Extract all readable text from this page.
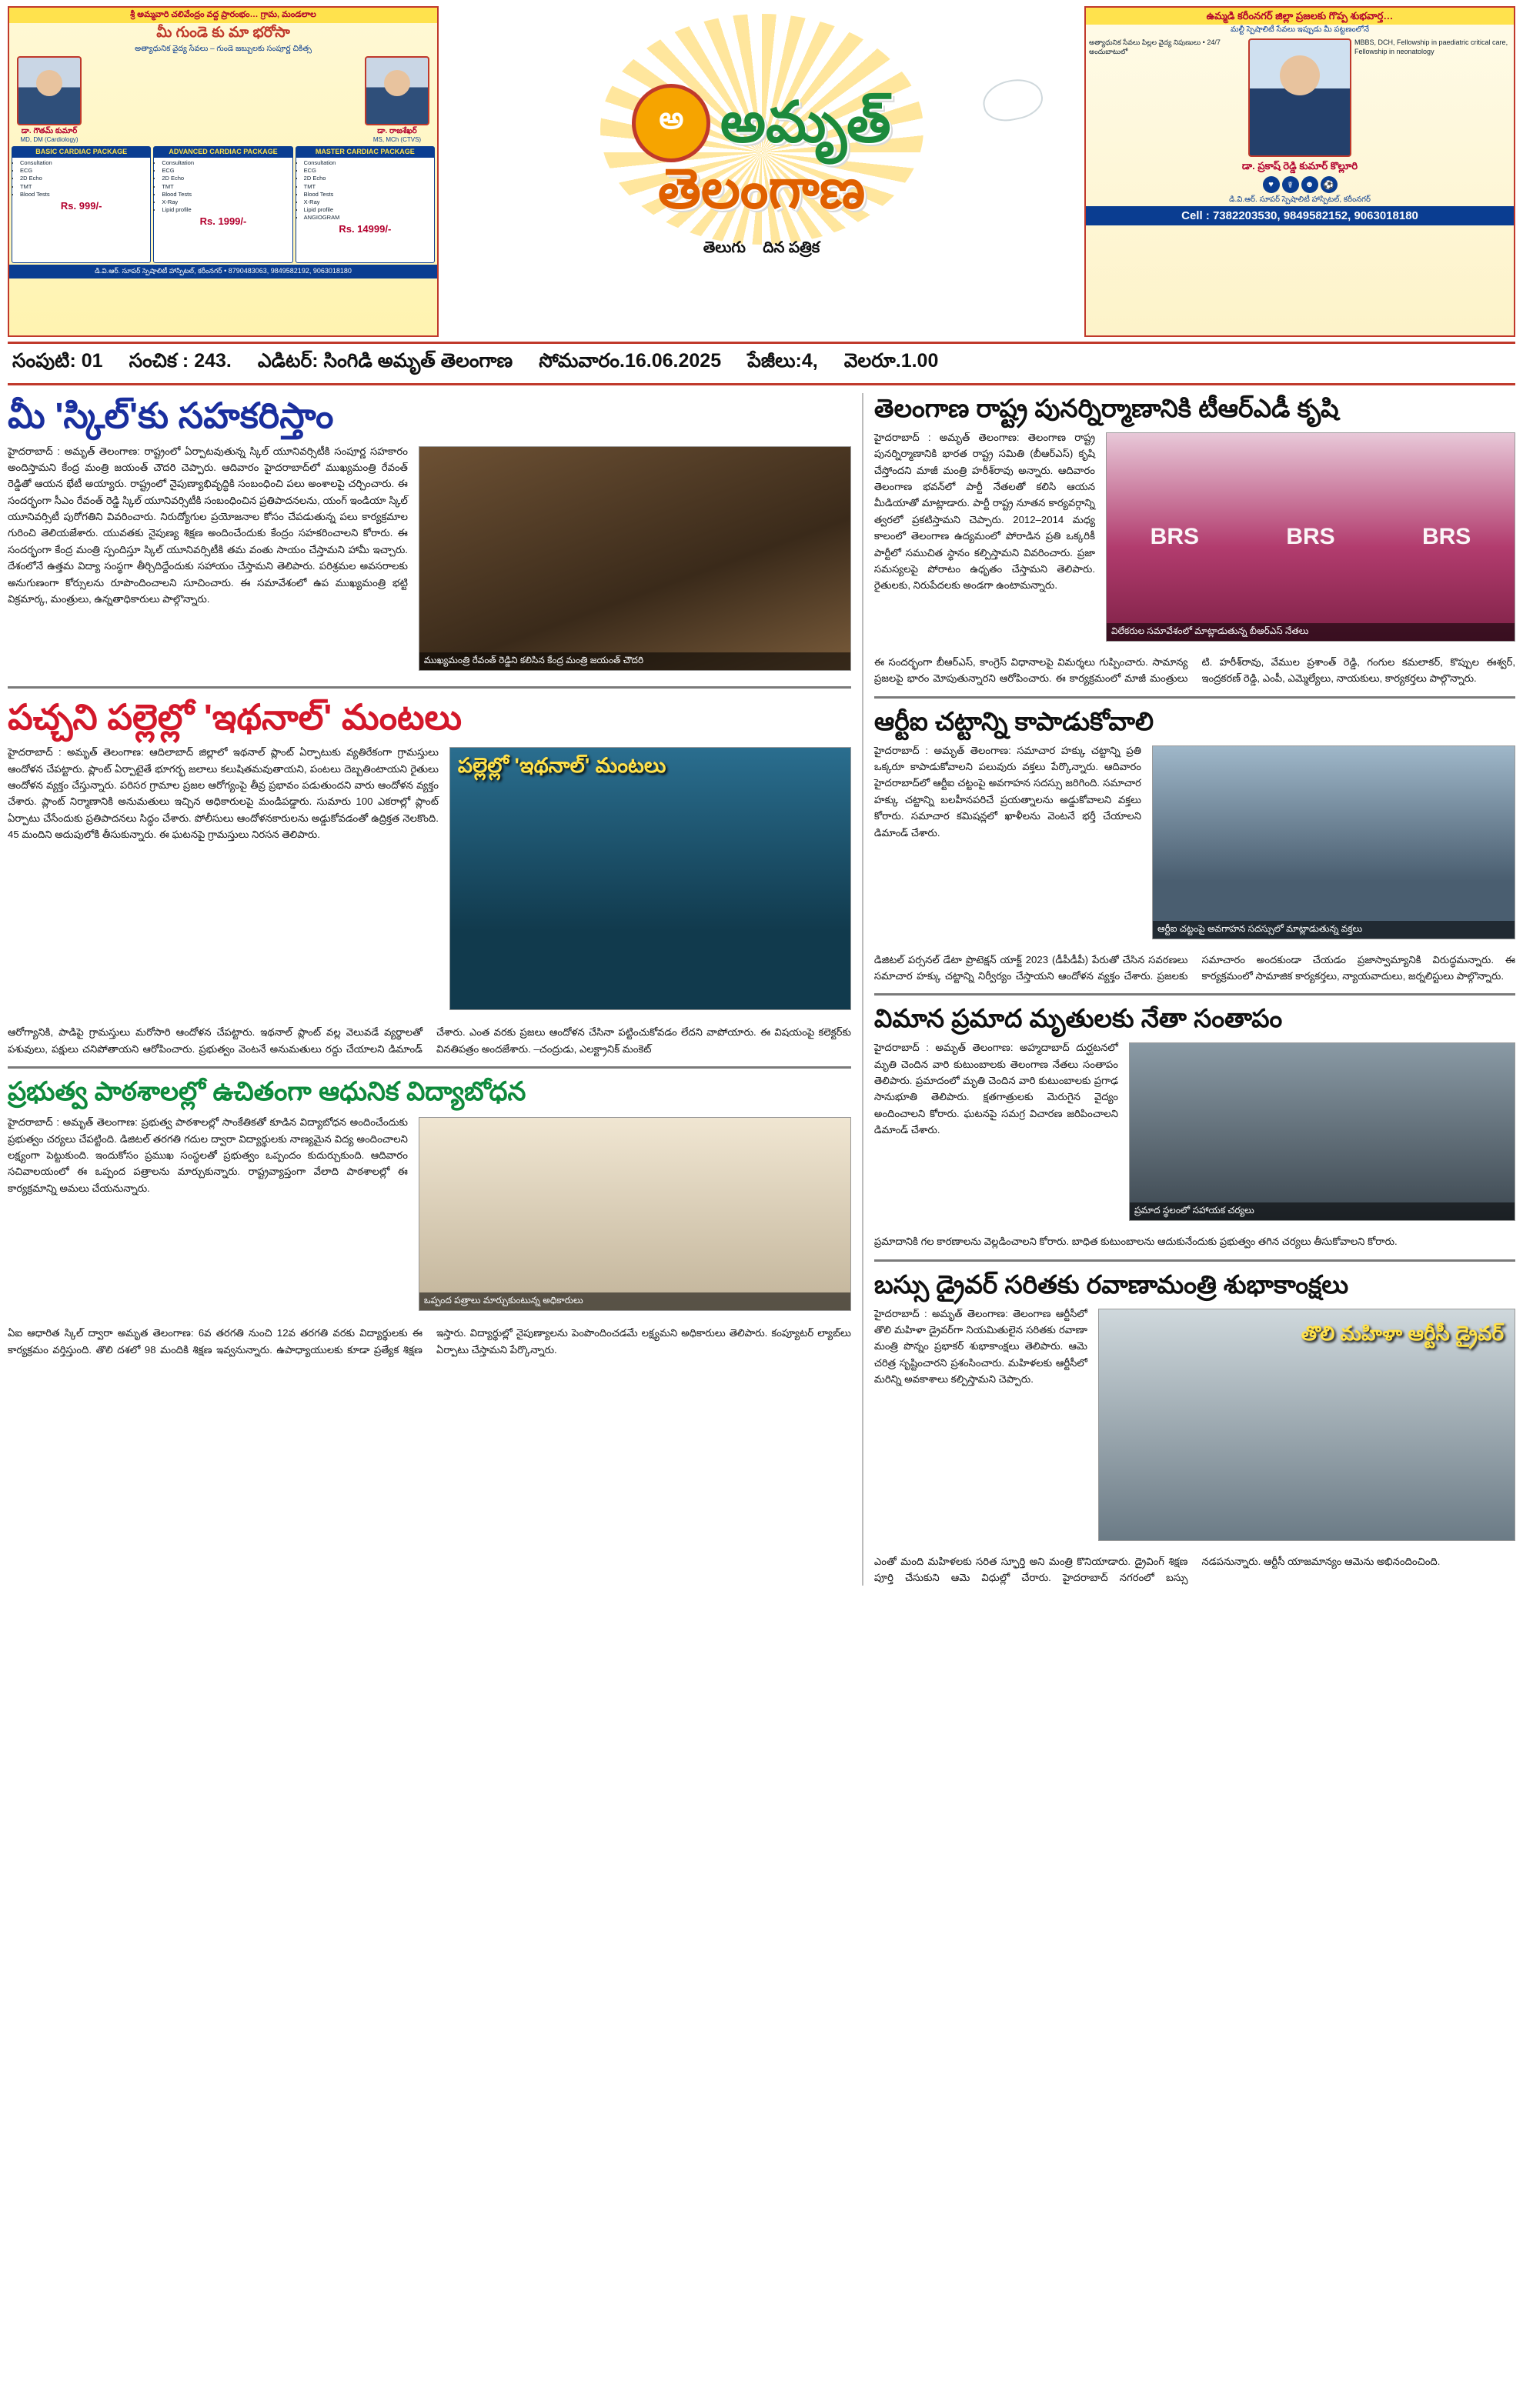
శ్రీ అమ్మవారి చలివేంద్రం వద్ద ప్రారంభం… గ్రామ, మండలాల
మీ గుండె కు మా భరోసా
అత్యాధునిక వైద్య సేవలు – గుండె జబ్బులకు సంపూర్ణ చికిత్స
డా. గౌతమ్ కుమార్
MD, DM (Cardiology)
డా. రాజశేఖర్
MS, MCh (CTVS)
BASIC CARDIAC PACKAGE
• Consultation
• ECG
• 2D Echo
• TMT
• Blood Tests
Rs. 999/-
ADVANCED CARDIAC PACKAGE
• Consultation
• ECG
• 2D Echo
• TMT
• Blood Tests
• X-Ray
• Lipid profile
Rs. 1999/-
MASTER CARDIAC PACKAGE
• Consultation
• ECG
• 2D Echo
• TMT
• Blood Tests
• X-Ray
• Lipid profile
• ANGIOGRAM
Rs. 14999/-
డి.వి.ఆర్. సూపర్ స్పెషాలిటీ హాస్పిటల్, కరీంనగర్ • 8790483063, 9849582192, 9063018180
అ అమృత్
తెలంగాణ
తెలుగు దిన పత్రిక
ఉమ్మడి కరీంనగర్ జిల్లా ప్రజలకు గొప్ప శుభవార్త…
మల్టీ స్పెషాలిటీ సేవలు ఇప్పుడు మీ పట్టణంలోనే
అత్యాధునిక సేవలు పిల్లల వైద్య నిపుణులు • 24/7 అందుబాటులో
MBBS, DCH, Fellowship in paediatric critical care, Fellowship in neonatology
డా. ప్రకాష్ రెడ్డి కుమార్ కొల్లూరి
♥	☤	☻	⚽
డి.వి.ఆర్. సూపర్ స్పెషాలిటీ హాస్పిటల్, కరీంనగర్
Cell : 7382203530, 9849582152, 9063018180
సంపుటి: 01 సంచిక : 243. ఎడిటర్: సింగిడి అమృత్ తెలంగాణ సోమవారం.16.06.2025 పేజీలు:4, వెలరూ.1.00
మీ 'స్కిల్'కు సహకరిస్తాం
ముఖ్యమంత్రి రేవంత్ రెడ్డిని కలిసిన కేంద్ర మంత్రి జయంత్ చౌదరి
హైదరాబాద్ : అమృత్ తెలంగాణ: రాష్ట్రంలో ఏర్పాటవుతున్న స్కిల్ యూనివర్సిటీకి సంపూర్ణ సహకారం అందిస్తామని కేంద్ర మంత్రి జయంత్ చౌదరి చెప్పారు. ఆదివారం హైదరాబాద్‌లో ముఖ్యమంత్రి రేవంత్ రెడ్డితో ఆయన భేటీ అయ్యారు. రాష్ట్రంలో నైపుణ్యాభివృద్ధికి సంబంధించి పలు అంశాలపై చర్చించారు. ఈ సందర్భంగా సీఎం రేవంత్ రెడ్డి స్కిల్ యూనివర్సిటీకి సంబంధించిన ప్రతిపాదనలను, యంగ్ ఇండియా స్కిల్ యూనివర్సిటీ పురోగతిని వివరించారు. నిరుద్యోగుల ప్రయోజనాల కోసం చేపడుతున్న పలు కార్యక్రమాల గురించి తెలియజేశారు. యువతకు నైపుణ్య శిక్షణ అందించేందుకు కేంద్రం సహకరించాలని కోరారు. ఈ సందర్భంగా కేంద్ర మంత్రి స్పందిస్తూ స్కిల్ యూనివర్సిటీకి తమ వంతు సాయం చేస్తామని హామీ ఇచ్చారు. దేశంలోనే ఉత్తమ విద్యా సంస్థగా తీర్చిదిద్దేందుకు సహాయం చేస్తామని తెలిపారు. పరిశ్రమల అవసరాలకు అనుగుణంగా కోర్సులను రూపొందించాలని సూచించారు. ఈ సమావేశంలో ఉప ముఖ్యమంత్రి భట్టి విక్రమార్క, మంత్రులు, ఉన్నతాధికారులు పాల్గొన్నారు.
పచ్చని పల్లెల్లో 'ఇథనాల్' మంటలు
పల్లెల్లో 'ఇథనాల్' మంటలు
హైదరాబాద్ : అమృత్ తెలంగాణ: ఆదిలాబాద్ జిల్లాలో ఇథనాల్ ప్లాంట్ ఏర్పాటుకు వ్యతిరేకంగా గ్రామస్తులు ఆందోళన చేపట్టారు. ప్లాంట్ ఏర్పాటైతే భూగర్భ జలాలు కలుషితమవుతాయని, పంటలు దెబ్బతింటాయని రైతులు ఆందోళన వ్యక్తం చేస్తున్నారు. పరిసర గ్రామాల ప్రజల ఆరోగ్యంపై తీవ్ర ప్రభావం పడుతుందని వారు ఆందోళన వ్యక్తం చేశారు. ప్లాంట్ నిర్మాణానికి అనుమతులు ఇచ్చిన అధికారులపై మండిపడ్డారు. సుమారు 100 ఎకరాల్లో ప్లాంట్ ఏర్పాటు చేసేందుకు ప్రతిపాదనలు సిద్ధం చేశారు. పోలీసులు ఆందోళనకారులను అడ్డుకోవడంతో ఉద్రిక్తత నెలకొంది. 45 మందిని అదుపులోకి తీసుకున్నారు. ఈ ఘటనపై గ్రామస్తులు నిరసన తెలిపారు.
ఆరోగ్యానికి, పాడిపై గ్రామస్తులు మరోసారి ఆందోళన చేపట్టారు. ఇథనాల్ ప్లాంట్ వల్ల వెలువడే వ్యర్థాలతో పశువులు, పక్షులు చనిపోతాయని ఆరోపించారు. ప్రభుత్వం వెంటనే అనుమతులు రద్దు చేయాలని డిమాండ్ చేశారు. ఎంత వరకు ప్రజలు ఆందోళన చేసినా పట్టించుకోవడం లేదని వాపోయారు. ఈ విషయంపై కలెక్టర్‌కు వినతిపత్రం అందజేశారు. –చంద్రుడు, ఎలక్ట్రానిక్ మంకెట్
ప్రభుత్వ పాఠశాలల్లో ఉచితంగా ఆధునిక విద్యాబోధన
ఒప్పంద పత్రాలు మార్చుకుంటున్న అధికారులు
హైదరాబాద్ : అమృత్ తెలంగాణ: ప్రభుత్వ పాఠశాలల్లో సాంకేతికతో కూడిన విద్యాబోధన అందించేందుకు ప్రభుత్వం చర్యలు చేపట్టింది. డిజిటల్ తరగతి గదుల ద్వారా విద్యార్థులకు నాణ్యమైన విద్య అందించాలని లక్ష్యంగా పెట్టుకుంది. ఇందుకోసం ప్రముఖ సంస్థలతో ప్రభుత్వం ఒప్పందం కుదుర్చుకుంది. ఆదివారం సచివాలయంలో ఈ ఒప్పంద పత్రాలను మార్చుకున్నారు. రాష్ట్రవ్యాప్తంగా వేలాది పాఠశాలల్లో ఈ కార్యక్రమాన్ని అమలు చేయనున్నారు.
ఏఐ ఆధారిత స్కిల్ ద్వారా అమృత తెలంగాణ: 6వ తరగతి నుంచి 12వ తరగతి వరకు విద్యార్థులకు ఈ కార్యక్రమం వర్తిస్తుంది. తొలి దశలో 98 మందికి శిక్షణ ఇవ్వనున్నారు. ఉపాధ్యాయులకు కూడా ప్రత్యేక శిక్షణ ఇస్తారు. విద్యార్థుల్లో నైపుణ్యాలను పెంపొందించడమే లక్ష్యమని అధికారులు తెలిపారు. కంప్యూటర్ ల్యాబ్‌లు ఏర్పాటు చేస్తామని పేర్కొన్నారు.
తెలంగాణ రాష్ట్ర పునర్నిర్మాణానికి టీఆర్ఎడీ కృషి
BRS	BRS	BRS
విలేకరుల సమావేశంలో మాట్లాడుతున్న బీఆర్ఎస్ నేతలు
హైదరాబాద్ : అమృత్ తెలంగాణ: తెలంగాణ రాష్ట్ర పునర్నిర్మాణానికి భారత రాష్ట్ర సమితి (బీఆర్ఎస్) కృషి చేస్తోందని మాజీ మంత్రి హరీశ్‌రావు అన్నారు. ఆదివారం తెలంగాణ భవన్‌లో పార్టీ నేతలతో కలిసి ఆయన మీడియాతో మాట్లాడారు. పార్టీ రాష్ట్ర నూతన కార్యవర్గాన్ని త్వరలో ప్రకటిస్తామని చెప్పారు. 2012–2014 మధ్య కాలంలో తెలంగాణ ఉద్యమంలో పోరాడిన ప్రతి ఒక్కరికీ పార్టీలో సముచిత స్థానం కల్పిస్తామని వివరించారు. ప్రజా సమస్యలపై పోరాటం ఉధృతం చేస్తామని తెలిపారు. రైతులకు, నిరుపేదలకు అండగా ఉంటామన్నారు.
ఈ సందర్భంగా బీఆర్ఎస్, కాంగ్రెస్ విధానాలపై విమర్శలు గుప్పించారు. సామాన్య ప్రజలపై భారం మోపుతున్నారని ఆరోపించారు. ఈ కార్యక్రమంలో మాజీ మంత్రులు టి. హరీశ్‌రావు, వేముల ప్రశాంత్ రెడ్డి, గంగుల కమలాకర్, కొప్పుల ఈశ్వర్, ఇంద్రకరణ్ రెడ్డి, ఎంపీ, ఎమ్మెల్యేలు, నాయకులు, కార్యకర్తలు పాల్గొన్నారు.
ఆర్టీఐ చట్టాన్ని కాపాడుకోవాలి
ఆర్టీఐ చట్టంపై అవగాహన సదస్సులో మాట్లాడుతున్న వక్తలు
హైదరాబాద్ : అమృత్ తెలంగాణ: సమాచార హక్కు చట్టాన్ని ప్రతి ఒక్కరూ కాపాడుకోవాలని పలువురు వక్తలు పేర్కొన్నారు. ఆదివారం హైదరాబాద్‌లో ఆర్టీఐ చట్టంపై అవగాహన సదస్సు జరిగింది. సమాచార హక్కు చట్టాన్ని బలహీనపరిచే ప్రయత్నాలను అడ్డుకోవాలని వక్తలు కోరారు. సమాచార కమిషన్లలో ఖాళీలను వెంటనే భర్తీ చేయాలని డిమాండ్ చేశారు.
డిజిటల్ పర్సనల్ డేటా ప్రొటెక్షన్ యాక్ట్ 2023 (డీపీడీపీ) పేరుతో చేసిన సవరణలు సమాచార హక్కు చట్టాన్ని నిర్వీర్యం చేస్తాయని ఆందోళన వ్యక్తం చేశారు. ప్రజలకు సమాచారం అందకుండా చేయడం ప్రజాస్వామ్యానికి విరుద్ధమన్నారు. ఈ కార్యక్రమంలో సామాజిక కార్యకర్తలు, న్యాయవాదులు, జర్నలిస్టులు పాల్గొన్నారు.
విమాన ప్రమాద మృతులకు నేతా సంతాపం
ప్రమాద స్థలంలో సహాయక చర్యలు
హైదరాబాద్ : అమృత్ తెలంగాణ: అహ్మదాబాద్ దుర్ఘటనలో మృతి చెందిన వారి కుటుంబాలకు తెలంగాణ నేతలు సంతాపం తెలిపారు. ప్రమాదంలో మృతి చెందిన వారి కుటుంబాలకు ప్రగాఢ సానుభూతి తెలిపారు. క్షతగాత్రులకు మెరుగైన వైద్యం అందించాలని కోరారు. ఘటనపై సమగ్ర విచారణ జరిపించాలని డిమాండ్ చేశారు.
ప్రమాదానికి గల కారణాలను వెల్లడించాలని కోరారు. బాధిత కుటుంబాలను ఆదుకునేందుకు ప్రభుత్వం తగిన చర్యలు తీసుకోవాలని కోరారు.
బస్సు డ్రైవర్ సరితకు రవాణామంత్రి శుభాకాంక్షలు
తొలి మహిళా ఆర్టీసీ డ్రైవర్
హైదరాబాద్ : అమృత్ తెలంగాణ: తెలంగాణ ఆర్టీసీలో తొలి మహిళా డ్రైవర్‌గా నియమితులైన సరితకు రవాణా మంత్రి పొన్నం ప్రభాకర్ శుభాకాంక్షలు తెలిపారు. ఆమె చరిత్ర సృష్టించారని ప్రశంసించారు. మహిళలకు ఆర్టీసీలో మరిన్ని అవకాశాలు కల్పిస్తామని చెప్పారు.
ఎంతో మంది మహిళలకు సరిత స్ఫూర్తి అని మంత్రి కొనియాడారు. డ్రైవింగ్ శిక్షణ పూర్తి చేసుకుని ఆమె విధుల్లో చేరారు. హైదరాబాద్ నగరంలో బస్సు నడపనున్నారు. ఆర్టీసీ యాజమాన్యం ఆమెను అభినందించింది.
